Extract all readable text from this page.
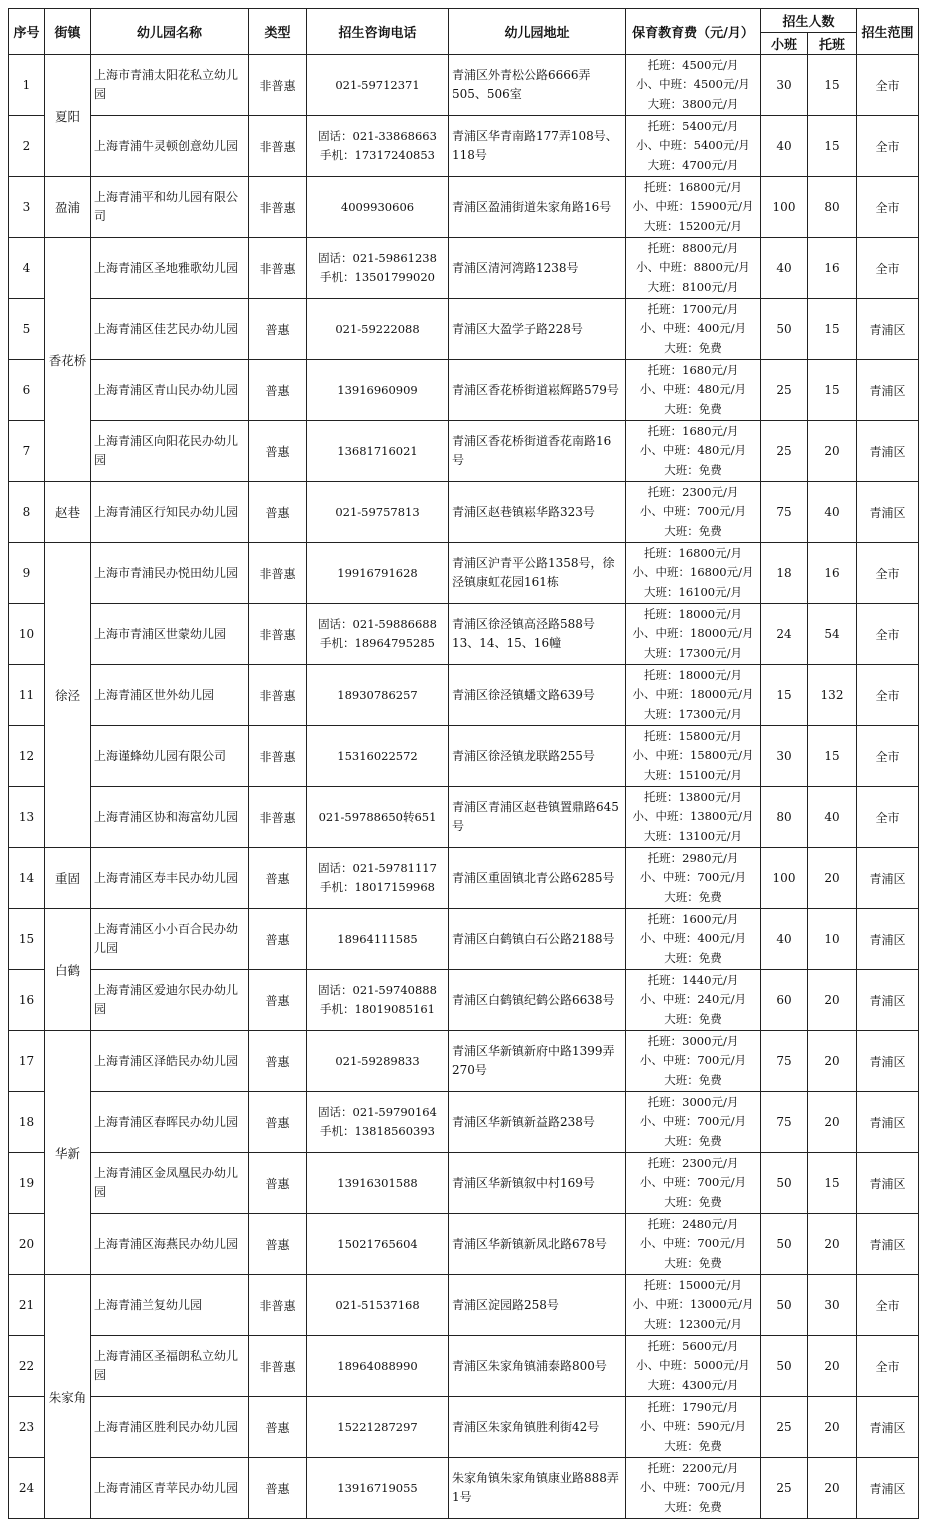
序号	街镇	幼儿园名称	类型	招生咨询电话	幼儿园地址	保育教育费（元/月）	招生人数		招生范围
							小班	托班	
1	夏阳	上海市青浦太阳花私立幼儿园	非普惠	021-59712371	青浦区外青松公路6666弄505、506室	托班：4500元/月
小、中班：4500元/月
大班：3800元/月	30	15	全市
2		上海青浦牛灵顿创意幼儿园	非普惠	固话：021-33868663
手机：17317240853	青浦区华青南路177弄108号、118号	托班：5400元/月
小、中班：5400元/月
大班：4700元/月	40	15	全市
3	盈浦	上海青浦平和幼儿园有限公司	非普惠	4009930606	青浦区盈浦街道朱家角路16号	托班：16800元/月
小、中班：15900元/月
大班：15200元/月	100	80	全市
4	香花桥	上海青浦区圣地雅歌幼儿园	非普惠	固话：021-59861238
手机：13501799020	青浦区清河湾路1238号	托班：8800元/月
小、中班：8800元/月
大班：8100元/月	40	16	全市
5		上海青浦区佳艺民办幼儿园	普惠	021-59222088	青浦区大盈学子路228号	托班：1700元/月
小、中班：400元/月
大班：免费	50	15	青浦区
6		上海青浦区青山民办幼儿园	普惠	13916960909	青浦区香花桥街道崧辉路579号	托班：1680元/月
小、中班：480元/月
大班：免费	25	15	青浦区
7		上海青浦区向阳花民办幼儿园	普惠	13681716021	青浦区香花桥街道香花南路16号	托班：1680元/月
小、中班：480元/月
大班：免费	25	20	青浦区
8	赵巷	上海青浦区行知民办幼儿园	普惠	021-59757813	青浦区赵巷镇崧华路323号	托班：2300元/月
小、中班：700元/月
大班：免费	75	40	青浦区
9	徐泾	上海市青浦民办悦田幼儿园	非普惠	19916791628	青浦区沪青平公路1358号，徐泾镇康虹花园161栋	托班：16800元/月
小、中班：16800元/月
大班：16100元/月	18	16	全市
10		上海市青浦区世蒙幼儿园	非普惠	固话：021-59886688
手机：18964795285	青浦区徐泾镇高泾路588号13、14、15、16幢	托班：18000元/月
小、中班：18000元/月
大班：17300元/月	24	54	全市
11		上海青浦区世外幼儿园	非普惠	18930786257	青浦区徐泾镇蟠文路639号	托班：18000元/月
小、中班：18000元/月
大班：17300元/月	15	132	全市
12		上海谨蜂幼儿园有限公司	非普惠	15316022572	青浦区徐泾镇龙联路255号	托班：15800元/月
小、中班：15800元/月
大班：15100元/月	30	15	全市
13		上海青浦区协和海富幼儿园	非普惠	021-59788650转651	青浦区青浦区赵巷镇置鼎路645号	托班：13800元/月
小、中班：13800元/月
大班：13100元/月	80	40	全市
14	重固	上海青浦区寿丰民办幼儿园	普惠	固话：021-59781117
手机：18017159968	青浦区重固镇北青公路6285号	托班：2980元/月
小、中班：700元/月
大班：免费	100	20	青浦区
15	白鹤	上海青浦区小小百合民办幼儿园	普惠	18964111585	青浦区白鹤镇白石公路2188号	托班：1600元/月
小、中班：400元/月
大班：免费	40	10	青浦区
16		上海青浦区爱迪尔民办幼儿园	普惠	固话：021-59740888
手机：18019085161	青浦区白鹤镇纪鹤公路6638号	托班：1440元/月
小、中班：240元/月
大班：免费	60	20	青浦区
17	华新	上海青浦区泽皓民办幼儿园	普惠	021-59289833	青浦区华新镇新府中路1399弄270号	托班：3000元/月
小、中班：700元/月
大班：免费	75	20	青浦区
18		上海青浦区春晖民办幼儿园	普惠	固话：021-59790164
手机：13818560393	青浦区华新镇新益路238号	托班：3000元/月
小、中班：700元/月
大班：免费	75	20	青浦区
19		上海青浦区金凤凰民办幼儿园	普惠	13916301588	青浦区华新镇叙中村169号	托班：2300元/月
小、中班：700元/月
大班：免费	50	15	青浦区
20		上海青浦区海燕民办幼儿园	普惠	15021765604	青浦区华新镇新凤北路678号	托班：2480元/月
小、中班：700元/月
大班：免费	50	20	青浦区
21	朱家角	上海青浦兰复幼儿园	非普惠	021-51537168	青浦区淀园路258号	托班：15000元/月
小、中班：13000元/月
大班：12300元/月	50	30	全市
22		上海青浦区圣福朗私立幼儿园	非普惠	18964088990	青浦区朱家角镇浦泰路800号	托班：5600元/月
小、中班：5000元/月
大班：4300元/月	50	20	全市
23		上海青浦区胜利民办幼儿园	普惠	15221287297	青浦区朱家角镇胜利街42号	托班：1790元/月
小、中班：590元/月
大班：免费	25	20	青浦区
24		上海青浦区青苹民办幼儿园	普惠	13916719055	朱家角镇朱家角镇康业路888弄1号	托班：2200元/月
小、中班：700元/月
大班：免费	25	20	青浦区
